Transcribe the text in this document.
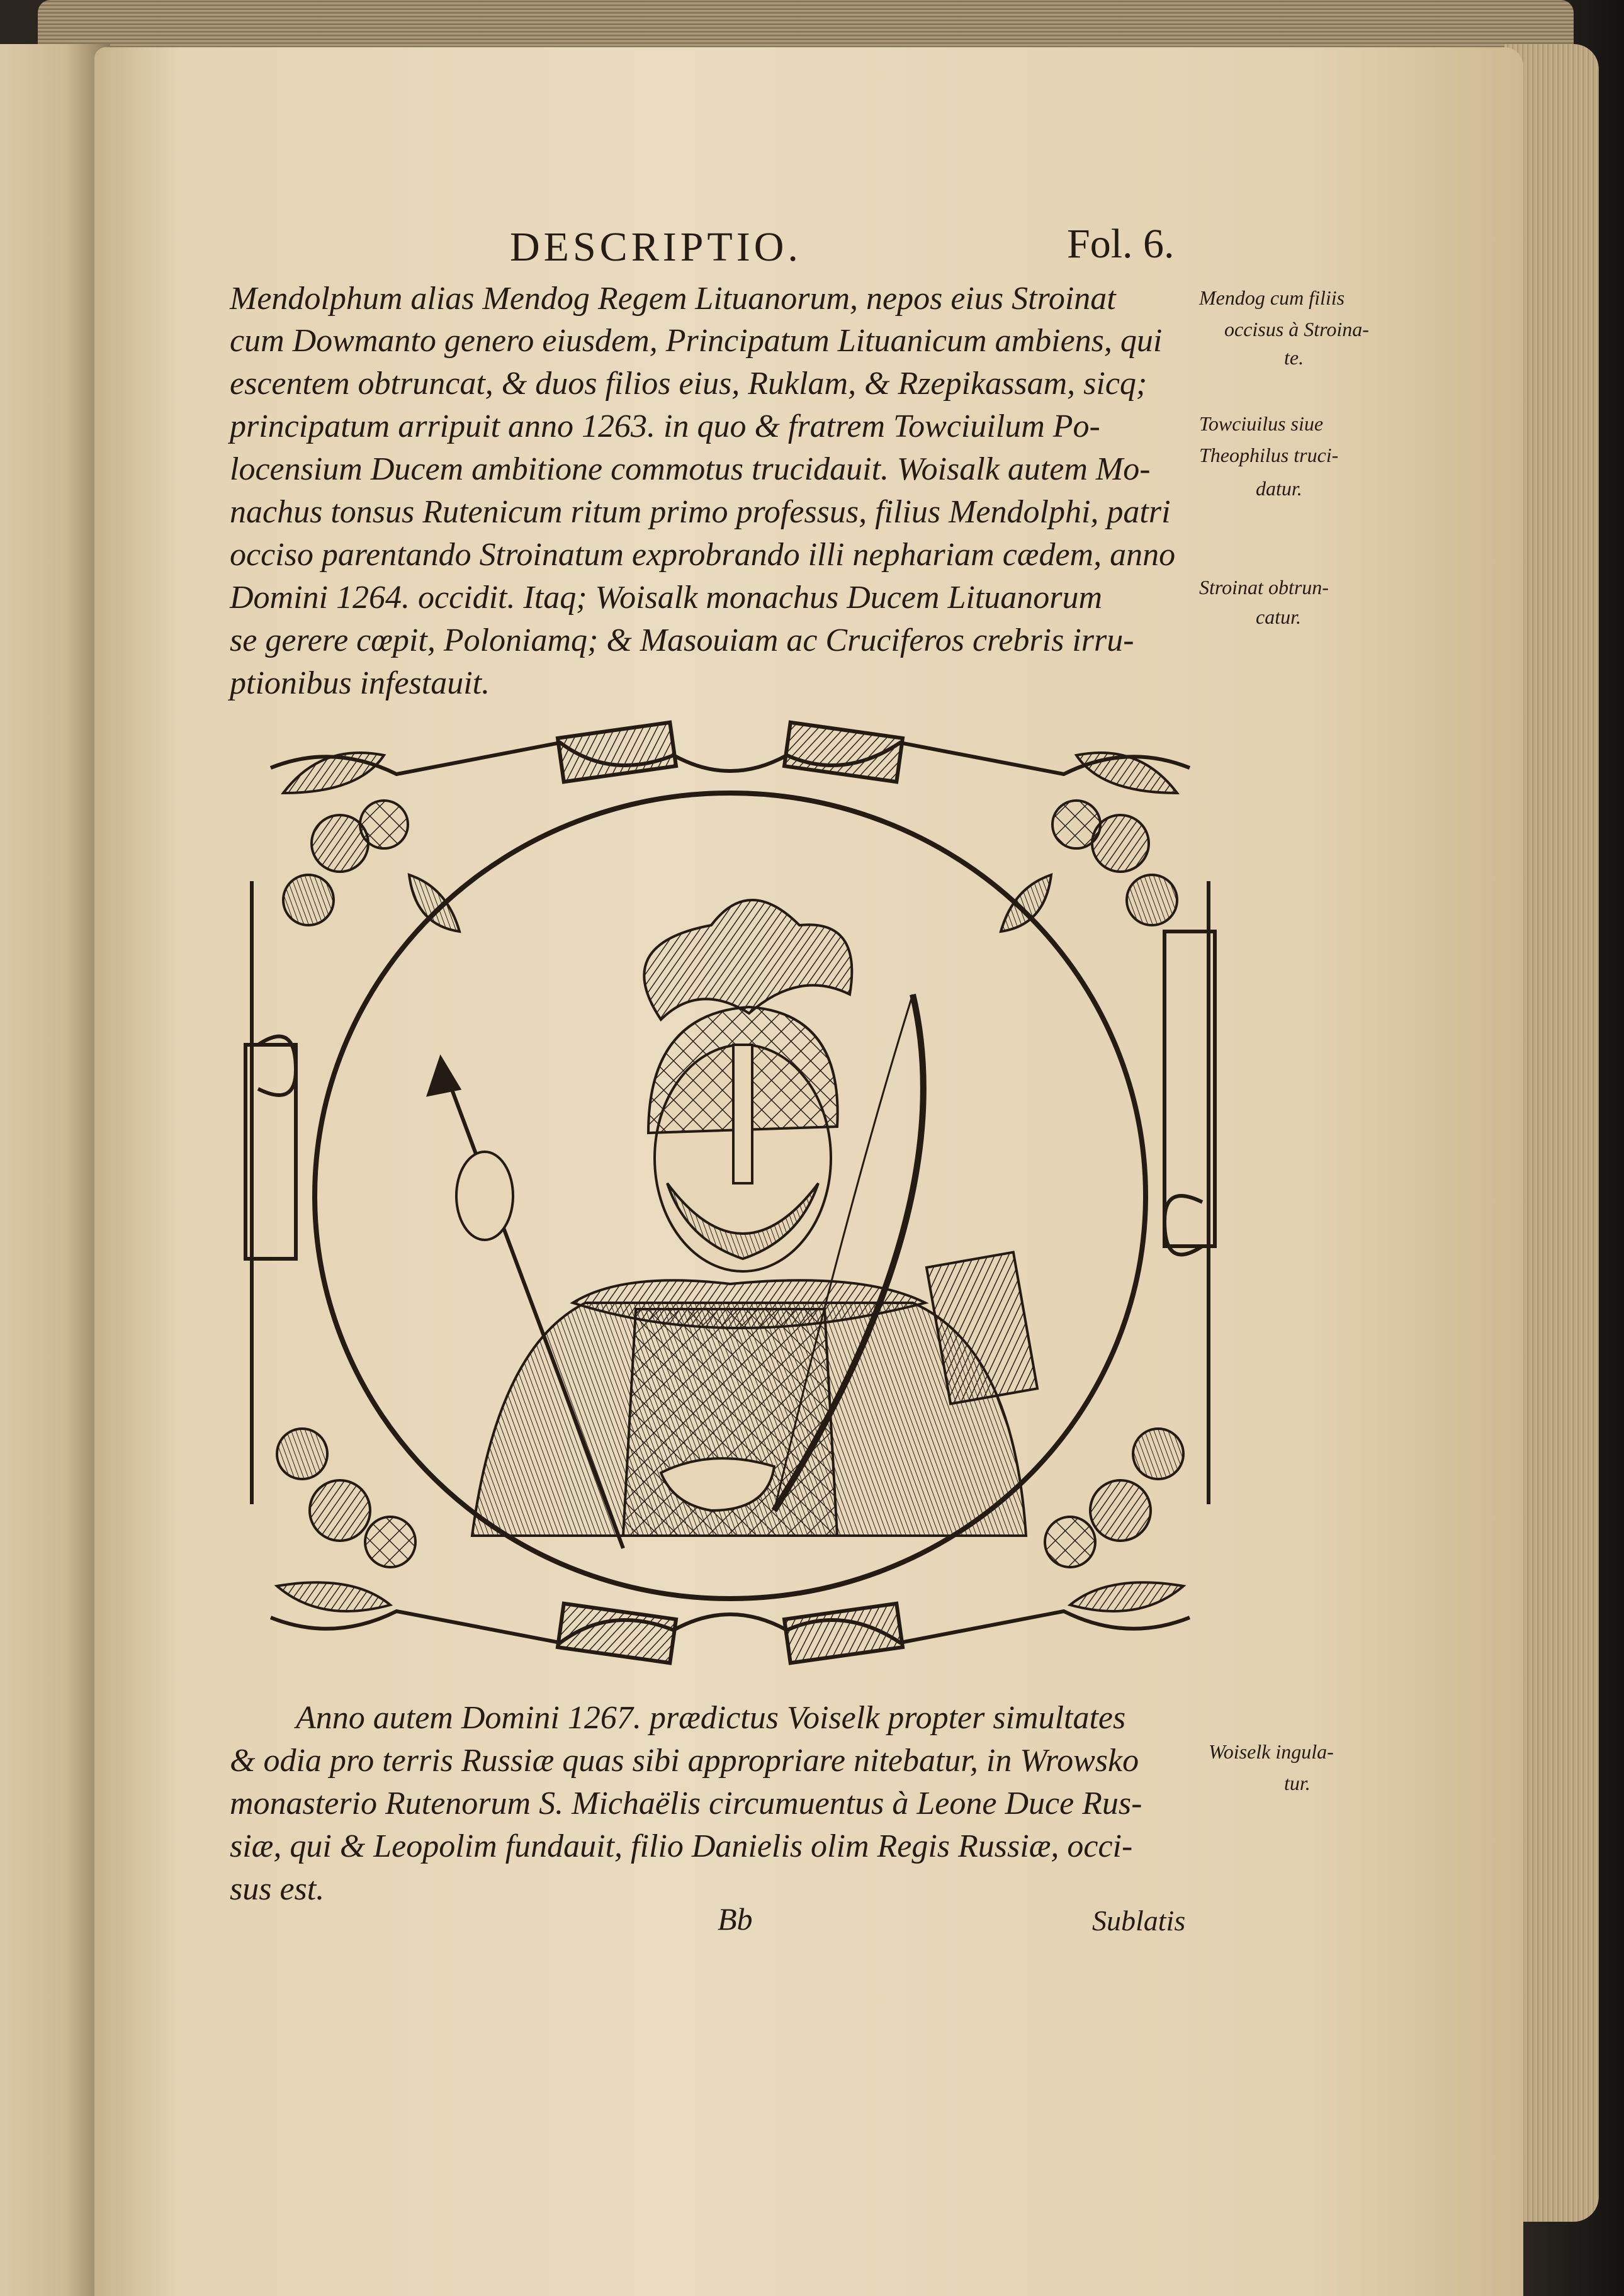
DESCRIPTIO.	Fol. 6.
Mendolphum alias Mendog Regem Lituanorum, nepos eius Stroinat
cum Dowmanto genero eiusdem, Principatum Lituanicum ambiens, qui
escentem obtruncat, & duos filios eius, Ruklam, & Rzepikassam, sicq;
principatum arripuit anno 1263. in quo & fratrem Towciuilum Po-
locensium Ducem ambitione commotus trucidauit. Woisalk autem Mo-
nachus tonsus Rutenicum ritum primo professus, filius Mendolphi, patri
occiso parentando Stroinatum exprobrando illi nephariam cædem, anno
Domini 1264. occidit. Itaq; Woisalk monachus Ducem Lituanorum
se gerere cœpit, Poloniamq; & Masouiam ac Cruciferos crebris irru-
ptionibus infestauit.
Mendog cum filiis
occisus à Stroina-
te.
Towciuilus siue
Theophilus truci-
datur.
Stroinat obtrun-
catur.
Anno autem Domini 1267. prædictus Voiselk propter simultates
& odia pro terris Russiæ quas sibi appropriare nitebatur, in Wrowsko
monasterio Rutenorum S. Michaëlis circumuentus à Leone Duce Rus-
siæ, qui & Leopolim fundauit, filio Danielis olim Regis Russiæ, occi-
sus est.
Woiselk ingula-
tur.
Bb	Sublatis
